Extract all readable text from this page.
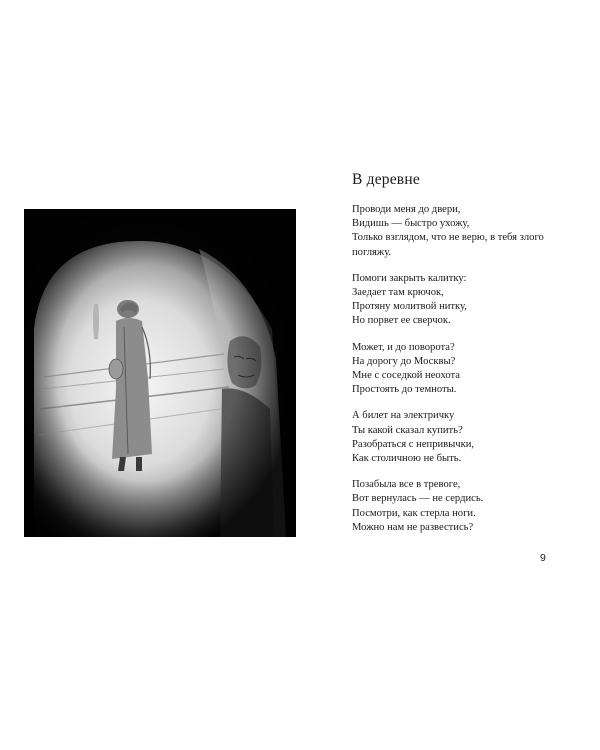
В деревне
Проводи меня до двери,
Видишь — быстро ухожу,
Только взглядом, что не верю, в тебя злого погляжу.
Помоги закрыть калитку:
Заедает там крючок,
Протяну молитвой нитку,
Но порвет ее сверчок.
Может, и до поворота?
На дорогу до Москвы?
Мне с соседкой неохота
Простоять до темноты.
А билет на электричку
Ты какой сказал купить?
Разобраться с непривычки,
Как столичною не быть.
Позабыла все в тревоге,
Вот вернулась — не сердись.
Посмотри, как стерла ноги.
Можно нам не развестись?
9
